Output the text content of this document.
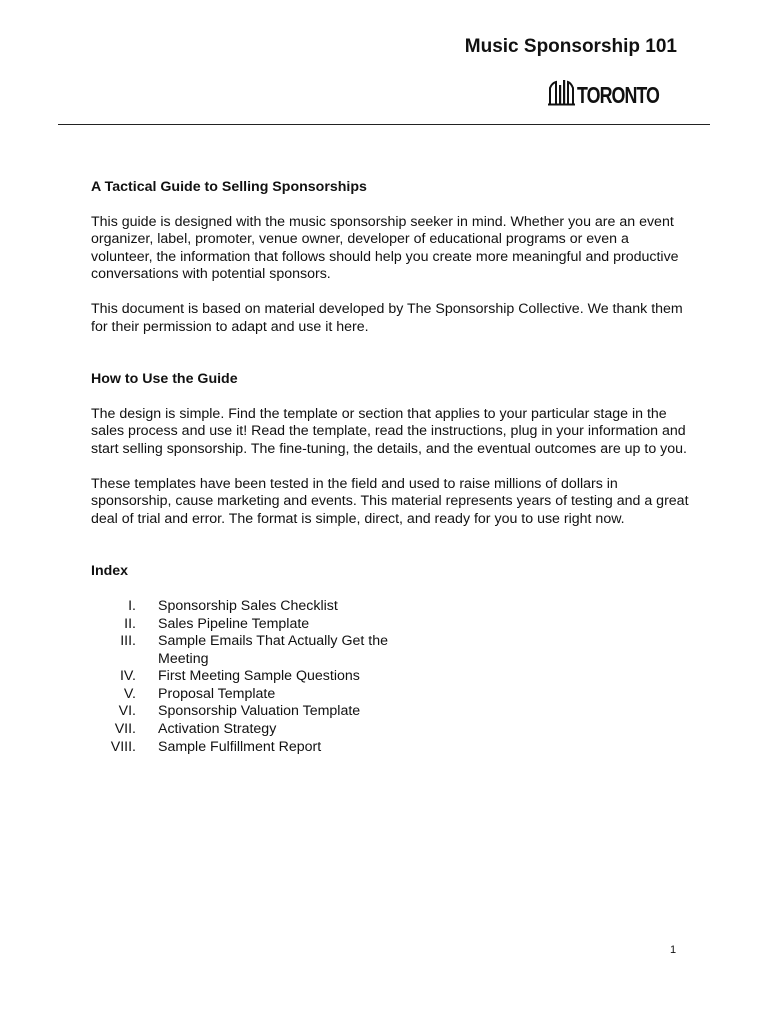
Music Sponsorship 101
TORONTO
A Tactical Guide to Selling Sponsorships

This guide is designed with the music sponsorship seeker in mind. Whether you are an event organizer, label, promoter, venue owner, developer of educational programs or even a volunteer, the information that follows should help you create more meaningful and productive conversations with potential sponsors.

This document is based on material developed by The Sponsorship Collective. We thank them for their permission to adapt and use it here.

How to Use the Guide

The design is simple. Find the template or section that applies to your particular stage in the sales process and use it! Read the template, read the instructions, plug in your information and start selling sponsorship. The fine-tuning, the details, and the eventual outcomes are up to you.

These templates have been tested in the field and used to raise millions of dollars in sponsorship, cause marketing and events. This material represents years of testing and a great deal of trial and error. The format is simple, direct, and ready for you to use right now.

Index
I. Sponsorship Sales Checklist
II. Sales Pipeline Template
III. Sample Emails That Actually Get the Meeting
IV. First Meeting Sample Questions
V. Proposal Template
VI. Sponsorship Valuation Template
VII. Activation Strategy
VIII. Sample Fulfillment Report
1
